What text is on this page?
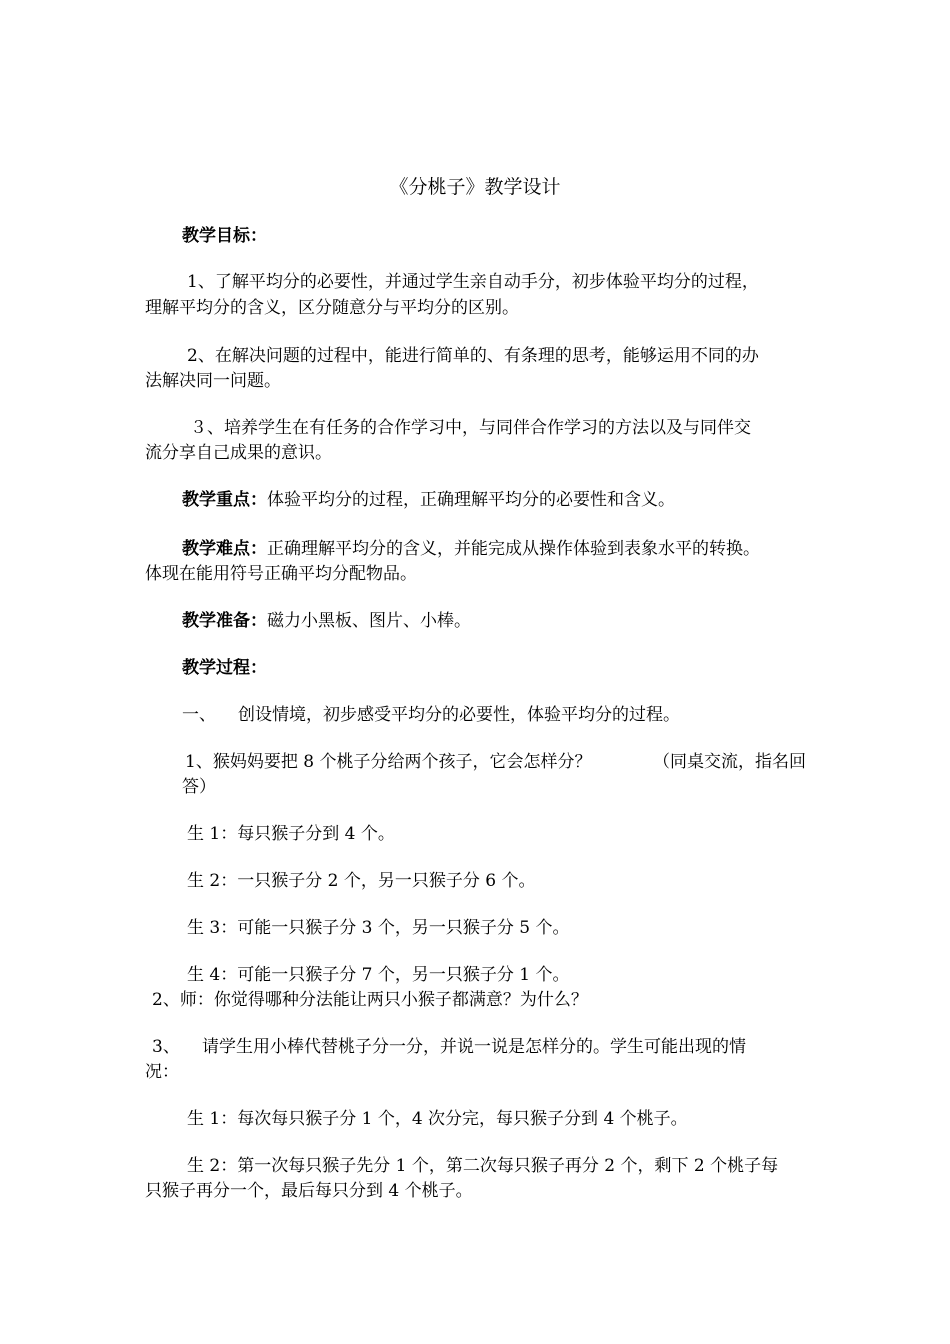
《分桃子》教学设计
教学目标：
1、了解平均分的必要性，并通过学生亲自动手分，初步体验平均分的过程，
理解平均分的含义，区分随意分与平均分的区别。
2、在解决问题的过程中，能进行简单的、有条理的思考，能够运用不同的办
法解决同一问题。
３、培养学生在有任务的合作学习中，与同伴合作学习的方法以及与同伴交
流分享自己成果的意识。
教学重点：体验平均分的过程，正确理解平均分的必要性和含义。
教学难点：正确理解平均分的含义，并能完成从操作体验到表象水平的转换。
体现在能用符号正确平均分配物品。
教学准备：磁力小黑板、图片、小棒。
教学过程：
一、 创设情境，初步感受平均分的必要性，体验平均分的过程。
1、猴妈妈要把 8 个桃子分给两个孩子，它会怎样分？	（同桌交流，指名回
答）
生 1：每只猴子分到 4 个。
生 2：一只猴子分 2 个，另一只猴子分 6 个。
生 3：可能一只猴子分 3 个，另一只猴子分 5 个。
生 4：可能一只猴子分 7 个，另一只猴子分 1 个。
2、师：你觉得哪种分法能让两只小猴子都满意？为什么？
3、 请学生用小棒代替桃子分一分，并说一说是怎样分的。学生可能出现的情
况：
生 1：每次每只猴子分 1 个，4 次分完，每只猴子分到 4 个桃子。
生 2：第一次每只猴子先分 1 个，第二次每只猴子再分 2 个，剩下 2 个桃子每
只猴子再分一个，最后每只分到 4 个桃子。
